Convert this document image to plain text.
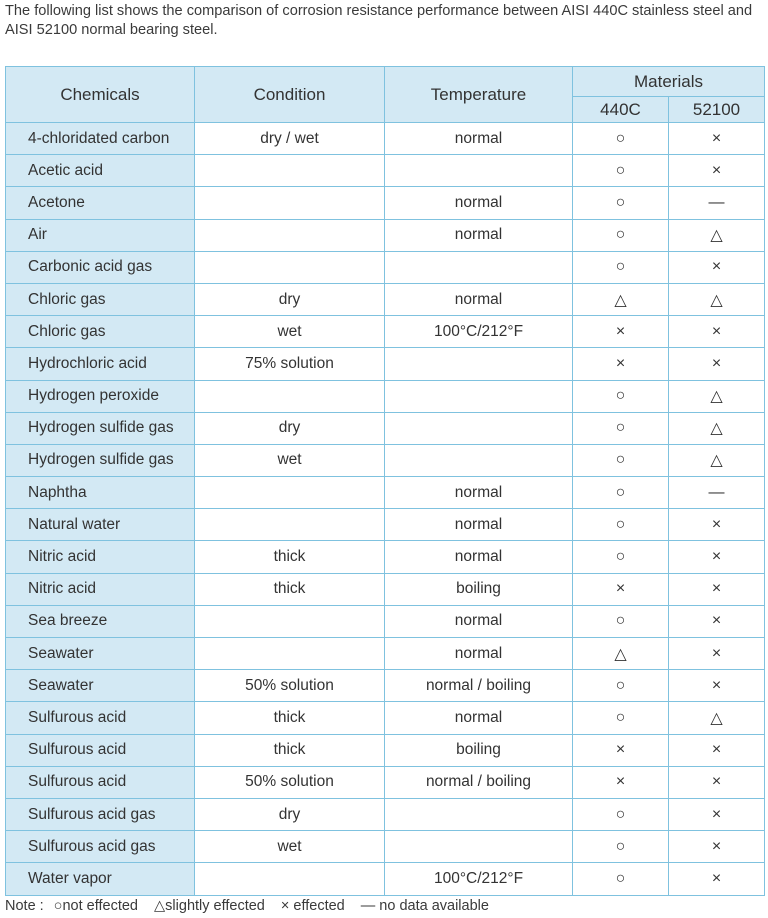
The following list shows the comparison of corrosion resistance performance between AISI 440C stainless steel and AISI 52100 normal bearing steel.
Chemicals	Condition	Temperature	Materials	
			440C	52100
4-chloridated carbon	dry / wet	normal	○	×
Acetic acid			○	×
Acetone		normal	○	—
Air		normal	○	△
Carbonic acid gas			○	×
Chloric gas	dry	normal	△	△
Chloric gas	wet	100°C/212°F	×	×
Hydrochloric acid	75% solution		×	×
Hydrogen peroxide			○	△
Hydrogen sulfide gas	dry		○	△
Hydrogen sulfide gas	wet		○	△
Naphtha		normal	○	—
Natural water		normal	○	×
Nitric acid	thick	normal	○	×
Nitric acid	thick	boiling	×	×
Sea breeze		normal	○	×
Seawater		normal	△	×
Seawater	50% solution	normal / boiling	○	×
Sulfurous acid	thick	normal	○	△
Sulfurous acid	thick	boiling	×	×
Sulfurous acid	50% solution	normal / boiling	×	×
Sulfurous acid gas	dry		○	×
Sulfurous acid gas	wet		○	×
Water vapor		100°C/212°F	○	×
Note : ○not effected △slightly effected × effected — no data available
